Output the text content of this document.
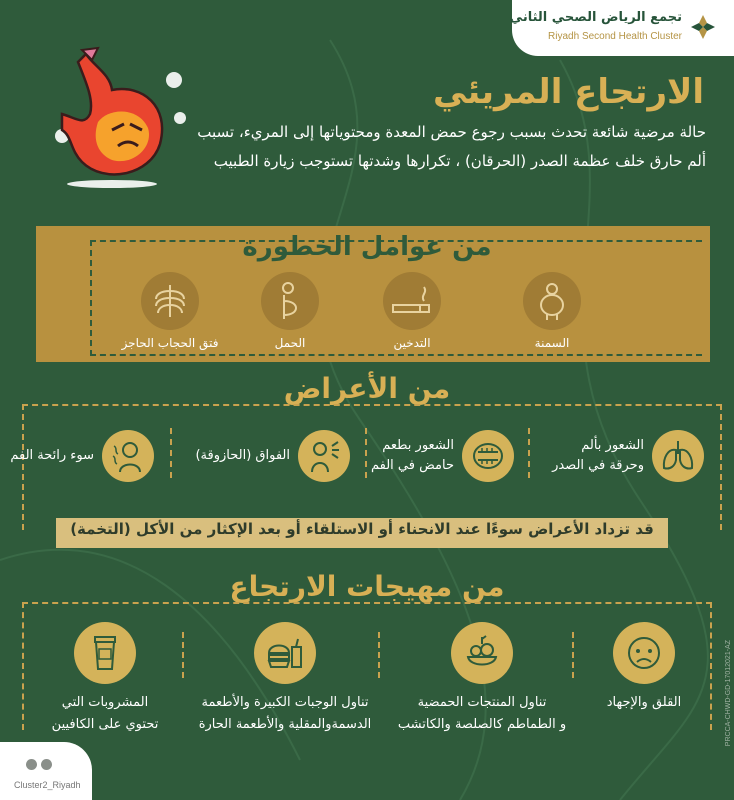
تجمع الرياض الصحي الثاني
Riyadh Second Health Cluster
الارتجاع المريئي
حالة مرضية شائعة تحدث بسبب رجوع حمض المعدة ومحتوياتها إلى المريء، تسبب ألم حارق خلف عظمة الصدر (الحرقان) ، تكرارها وشدتها تستوجب زيارة الطبيب
من عوامل الخطورة
السمنة
التدخين
الحمل
فتق الحجاب الحاجز
من الأعراض
الشعور بألم
وحرقة في الصدر
الشعور بطعم
حامض في الفم
الفواق (الحازوقة)
سوء رائحة الفم
قد تزداد الأعراض سوءًا عند الانحناء أو الاستلقاء أو بعد الإكثار من الأكل (التخمة)
من مهيجات الارتجاع
القلق والإجهاد
تناول المنتجات الحمضية
و الطماطم كالصلصة والكاتشب
تناول الوجبات الكبيرة والأطعمة
الدسمةوالمقلية والأطعمة الحارة
المشروبات التي
تحتوي على الكافيين	PRCCA-CHWD-GD-17012021-AZ
Cluster2_Riyadh
